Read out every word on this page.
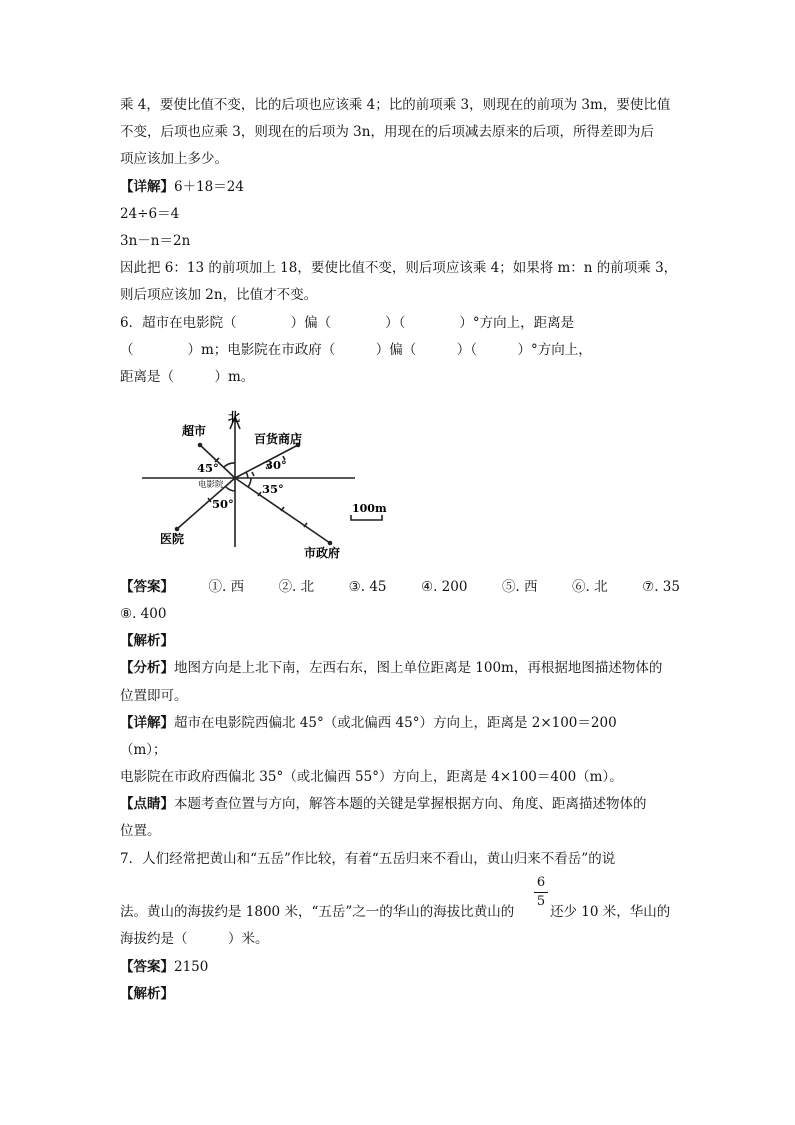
乘 4，要使比值不变，比的后项也应该乘 4；比的前项乘 3，则现在的前项为 3m，要使比值
不变，后项也应乘 3，则现在的后项为 3n，用现在的后项减去原来的后项，所得差即为后
项应该加上多少。
【详解】6＋18＝24
24÷6＝4
3n－n＝2n
因此把 6：13 的前项加上 18，要使比值不变，则后项应该乘 4；如果将 m：n 的前项乘 3，
则后项应该加 2n，比值才不变。
6．超市在电影院（　　　　）偏（　　　　）（　　　　）°方向上，距离是
（　　　　）m；电影院在市政府（　　　）偏（　　　）（　　　）°方向上，
距离是（　　　）m。
北
超市
百货商店
电影院
医院
市政府
45°	30°
35°
50°	100m
【答案】	①. 西	②. 北	③. 45	④. 200	⑤. 西	⑥. 北	⑦. 35
⑧. 400
【解析】
【分析】地图方向是上北下南，左西右东，图上单位距离是 100m，再根据地图描述物体的
位置即可。
【详解】超市在电影院西偏北 45°（或北偏西 45°）方向上，距离是 2×100＝200
（m）；
电影院在市政府西偏北 35°（或北偏西 55°）方向上，距离是 4×100＝400（m）。
【点睛】本题考查位置与方向，解答本题的关键是掌握根据方向、角度、距离描述物体的
位置。
7．人们经常把黄山和“五岳”作比较，有着“五岳归来不看山，黄山归来不看岳”的说
法。黄山的海拔约是 1800 米，“五岳”之一的华山的海拔比黄山的
6
5
还少 10 米，华山的
海拔约是（　　　）米。
【答案】2150
【解析】
